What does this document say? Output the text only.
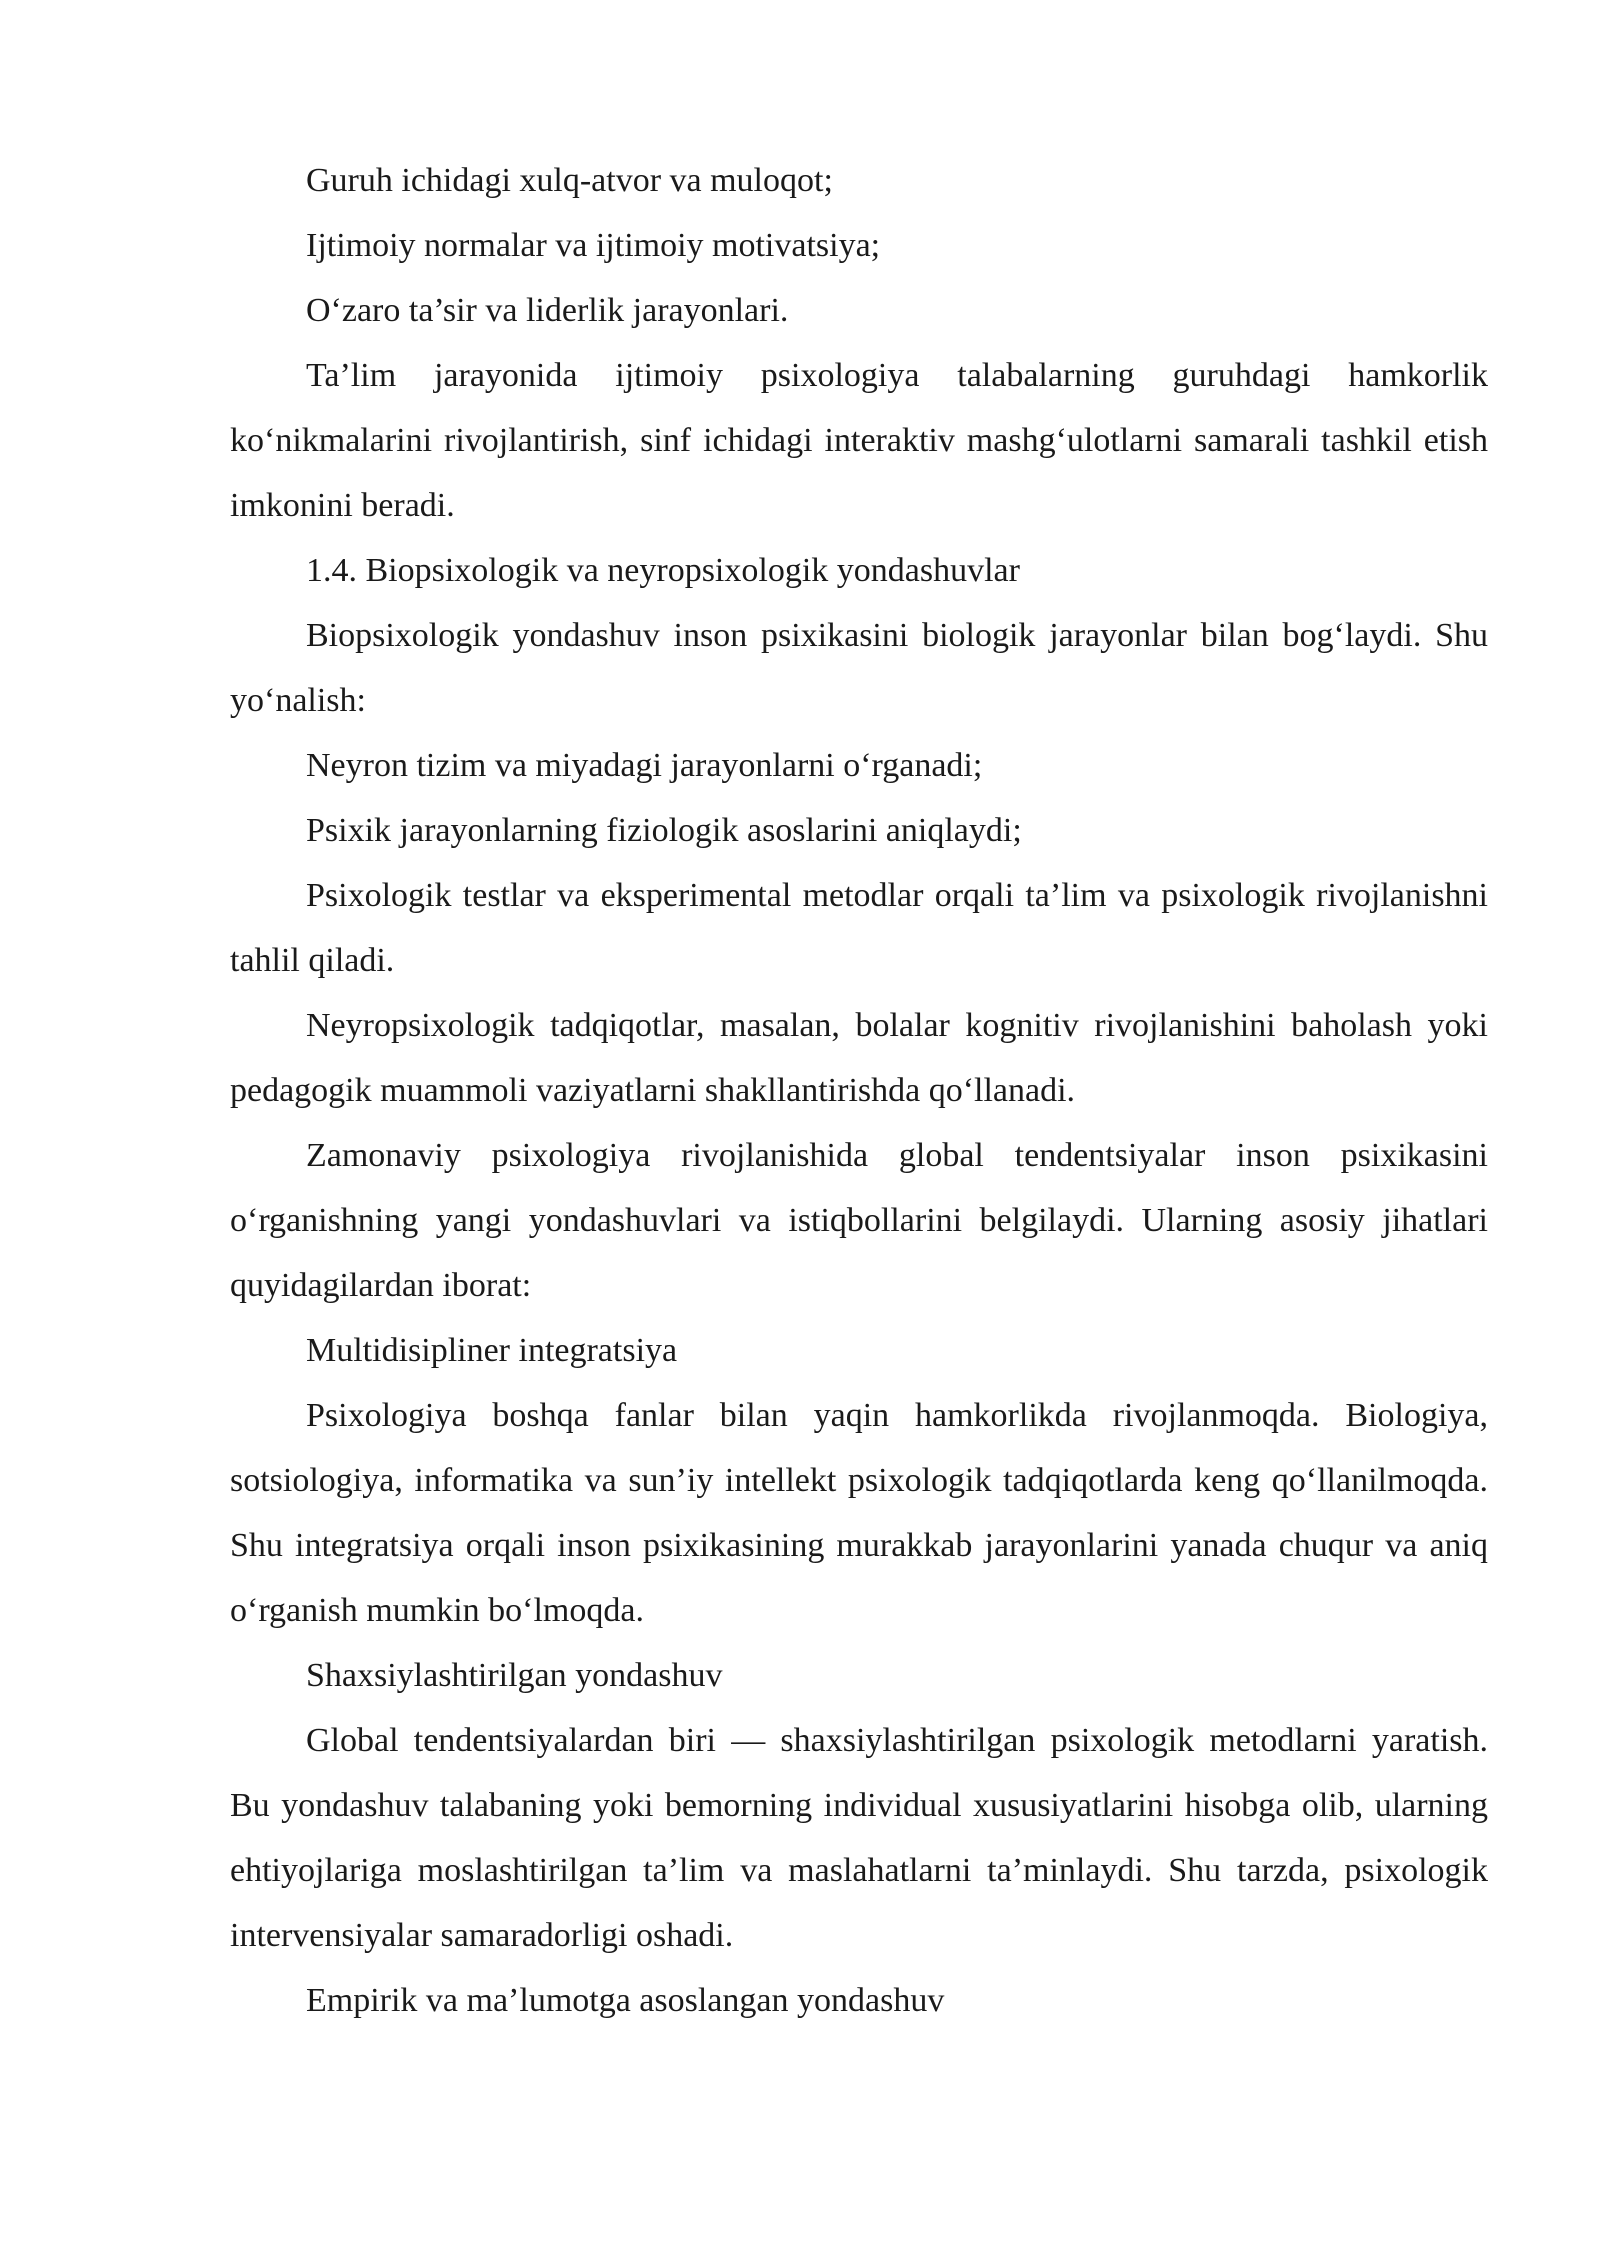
Guruh ichidagi xulq-atvor va muloqot;

Ijtimoiy normalar va ijtimoiy motivatsiya;

O‘zaro ta’sir va liderlik jarayonlari.

Ta’lim jarayonida ijtimoiy psixologiya talabalarning guruhdagi hamkorlik ko‘nikmalarini rivojlantirish, sinf ichidagi interaktiv mashg‘ulotlarni samarali tashkil etish imkonini beradi.

1.4. Biopsixologik va neyropsixologik yondashuvlar

Biopsixologik yondashuv inson psixikasini biologik jarayonlar bilan bog‘laydi. Shu yo‘nalish:

Neyron tizim va miyadagi jarayonlarni o‘rganadi;

Psixik jarayonlarning fiziologik asoslarini aniqlaydi;

Psixologik testlar va eksperimental metodlar orqali ta’lim va psixologik rivojlanishni tahlil qiladi.

Neyropsixologik tadqiqotlar, masalan, bolalar kognitiv rivojlanishini baholash yoki pedagogik muammoli vaziyatlarni shakllantirishda qo‘llanadi.

Zamonaviy psixologiya rivojlanishida global tendentsiyalar inson psixikasini o‘rganishning yangi yondashuvlari va istiqbollarini belgilaydi. Ularning asosiy jihatlari quyidagilardan iborat:

Multidisipliner integratsiya

Psixologiya boshqa fanlar bilan yaqin hamkorlikda rivojlanmoqda. Biologiya, sotsiologiya, informatika va sun’iy intellekt psixologik tadqiqotlarda keng qo‘llanilmoqda. Shu integratsiya orqali inson psixikasining murakkab jarayonlarini yanada chuqur va aniq o‘rganish mumkin bo‘lmoqda.

Shaxsiylashtirilgan yondashuv

Global tendentsiyalardan biri — shaxsiylashtirilgan psixologik metodlarni yaratish. Bu yondashuv talabaning yoki bemorning individual xususiyatlarini hisobga olib, ularning ehtiyojlariga moslashtirilgan ta’lim va maslahatlarni ta’minlaydi. Shu tarzda, psixologik intervensiyalar samaradorligi oshadi.

Empirik va ma’lumotga asoslangan yondashuv
